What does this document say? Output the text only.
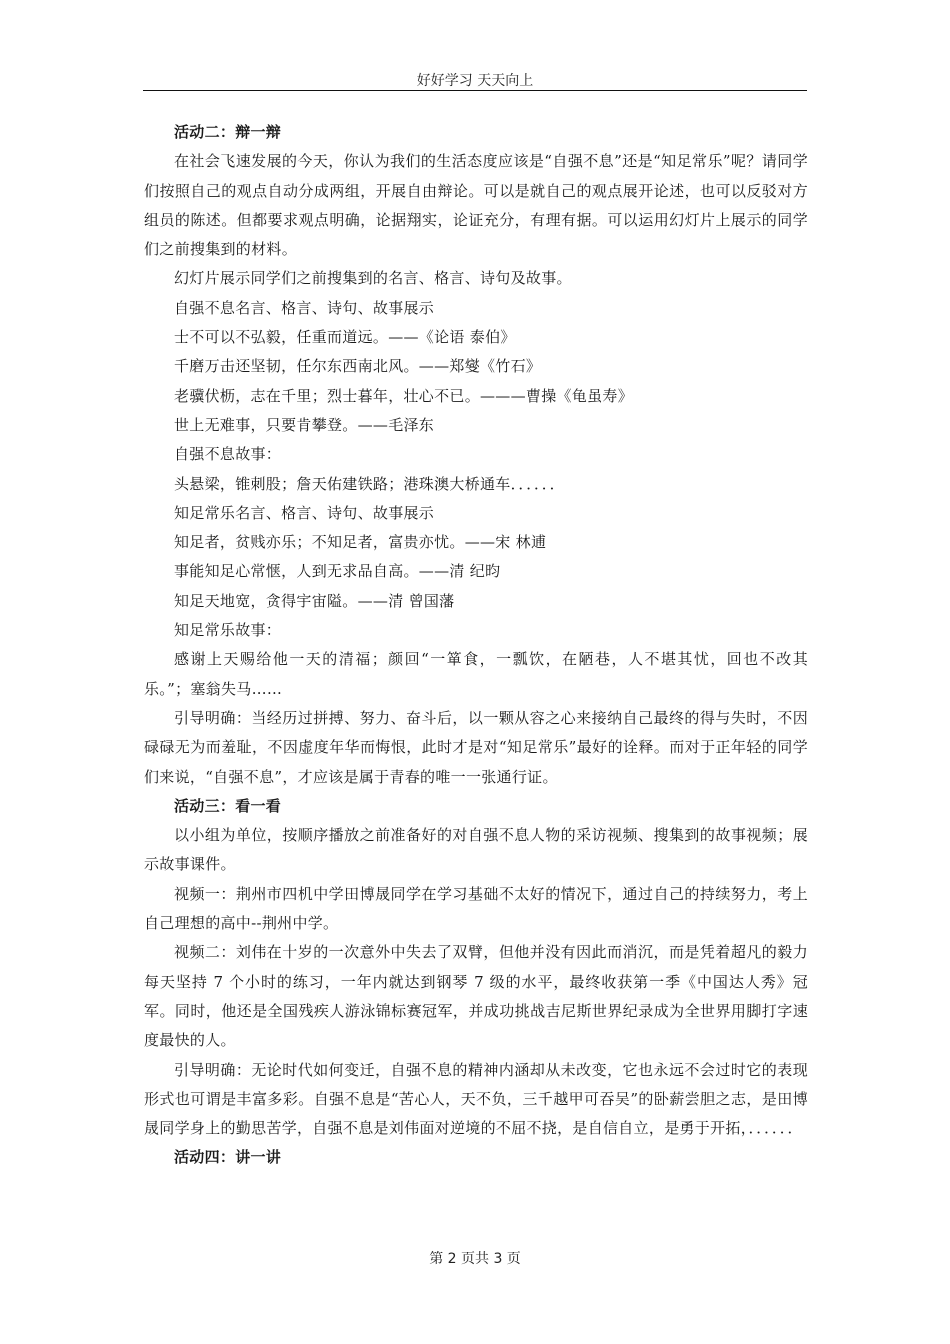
好好学习 天天向上

活动二：辩一辩

在社会飞速发展的今天，你认为我们的生活态度应该是“自强不息”还是“知足常乐”呢？请同学们按照自己的观点自动分成两组，开展自由辩论。可以是就自己的观点展开论述，也可以反驳对方组员的陈述。但都要求观点明确，论据翔实，论证充分，有理有据。可以运用幻灯片上展示的同学们之前搜集到的材料。

幻灯片展示同学们之前搜集到的名言、格言、诗句及故事。

自强不息名言、格言、诗句、故事展示

士不可以不弘毅，任重而道远。——《论语 泰伯》

千磨万击还坚韧，任尔东西南北风。——郑燮《竹石》

老骥伏枥，志在千里；烈士暮年，壮心不已。———曹操《龟虽寿》

世上无难事，只要肯攀登。——毛泽东

自强不息故事：

头悬梁，锥刺股；詹天佑建铁路；港珠澳大桥通车．．．．．．

知足常乐名言、格言、诗句、故事展示

知足者，贫贱亦乐；不知足者，富贵亦忧。——宋 林逋

事能知足心常惬，人到无求品自高。——清 纪昀

知足天地宽，贪得宇宙隘。——清 曾国藩

知足常乐故事：

感谢上天赐给他一天的清福；颜回“一箪食，一瓢饮，在陋巷，人不堪其忧，回也不改其乐。”；塞翁失马……

引导明确：当经历过拼搏、努力、奋斗后，以一颗从容之心来接纳自己最终的得与失时，不因碌碌无为而羞耻，不因虚度年华而悔恨，此时才是对“知足常乐”最好的诠释。而对于正年轻的同学们来说，“自强不息”，才应该是属于青春的唯一一张通行证。

活动三：看一看

以小组为单位，按顺序播放之前准备好的对自强不息人物的采访视频、搜集到的故事视频；展示故事课件。

视频一：荆州市四机中学田博晟同学在学习基础不太好的情况下，通过自己的持续努力，考上自己理想的高中--荆州中学。

视频二：刘伟在十岁的一次意外中失去了双臂，但他并没有因此而消沉，而是凭着超凡的毅力每天坚持 7 个小时的练习，一年内就达到钢琴 7 级的水平，最终收获第一季《中国达人秀》冠军。同时，他还是全国残疾人游泳锦标赛冠军，并成功挑战吉尼斯世界纪录成为全世界用脚打字速度最快的人。

引导明确：无论时代如何变迁，自强不息的精神内涵却从未改变，它也永远不会过时它的表现形式也可谓是丰富多彩。自强不息是“苦心人，天不负，三千越甲可吞吴”的卧薪尝胆之志，是田博晟同学身上的勤思苦学，自强不息是刘伟面对逆境的不屈不挠，是自信自立，是勇于开拓，．．．．．．

活动四：讲一讲

第 2 页共 3 页
